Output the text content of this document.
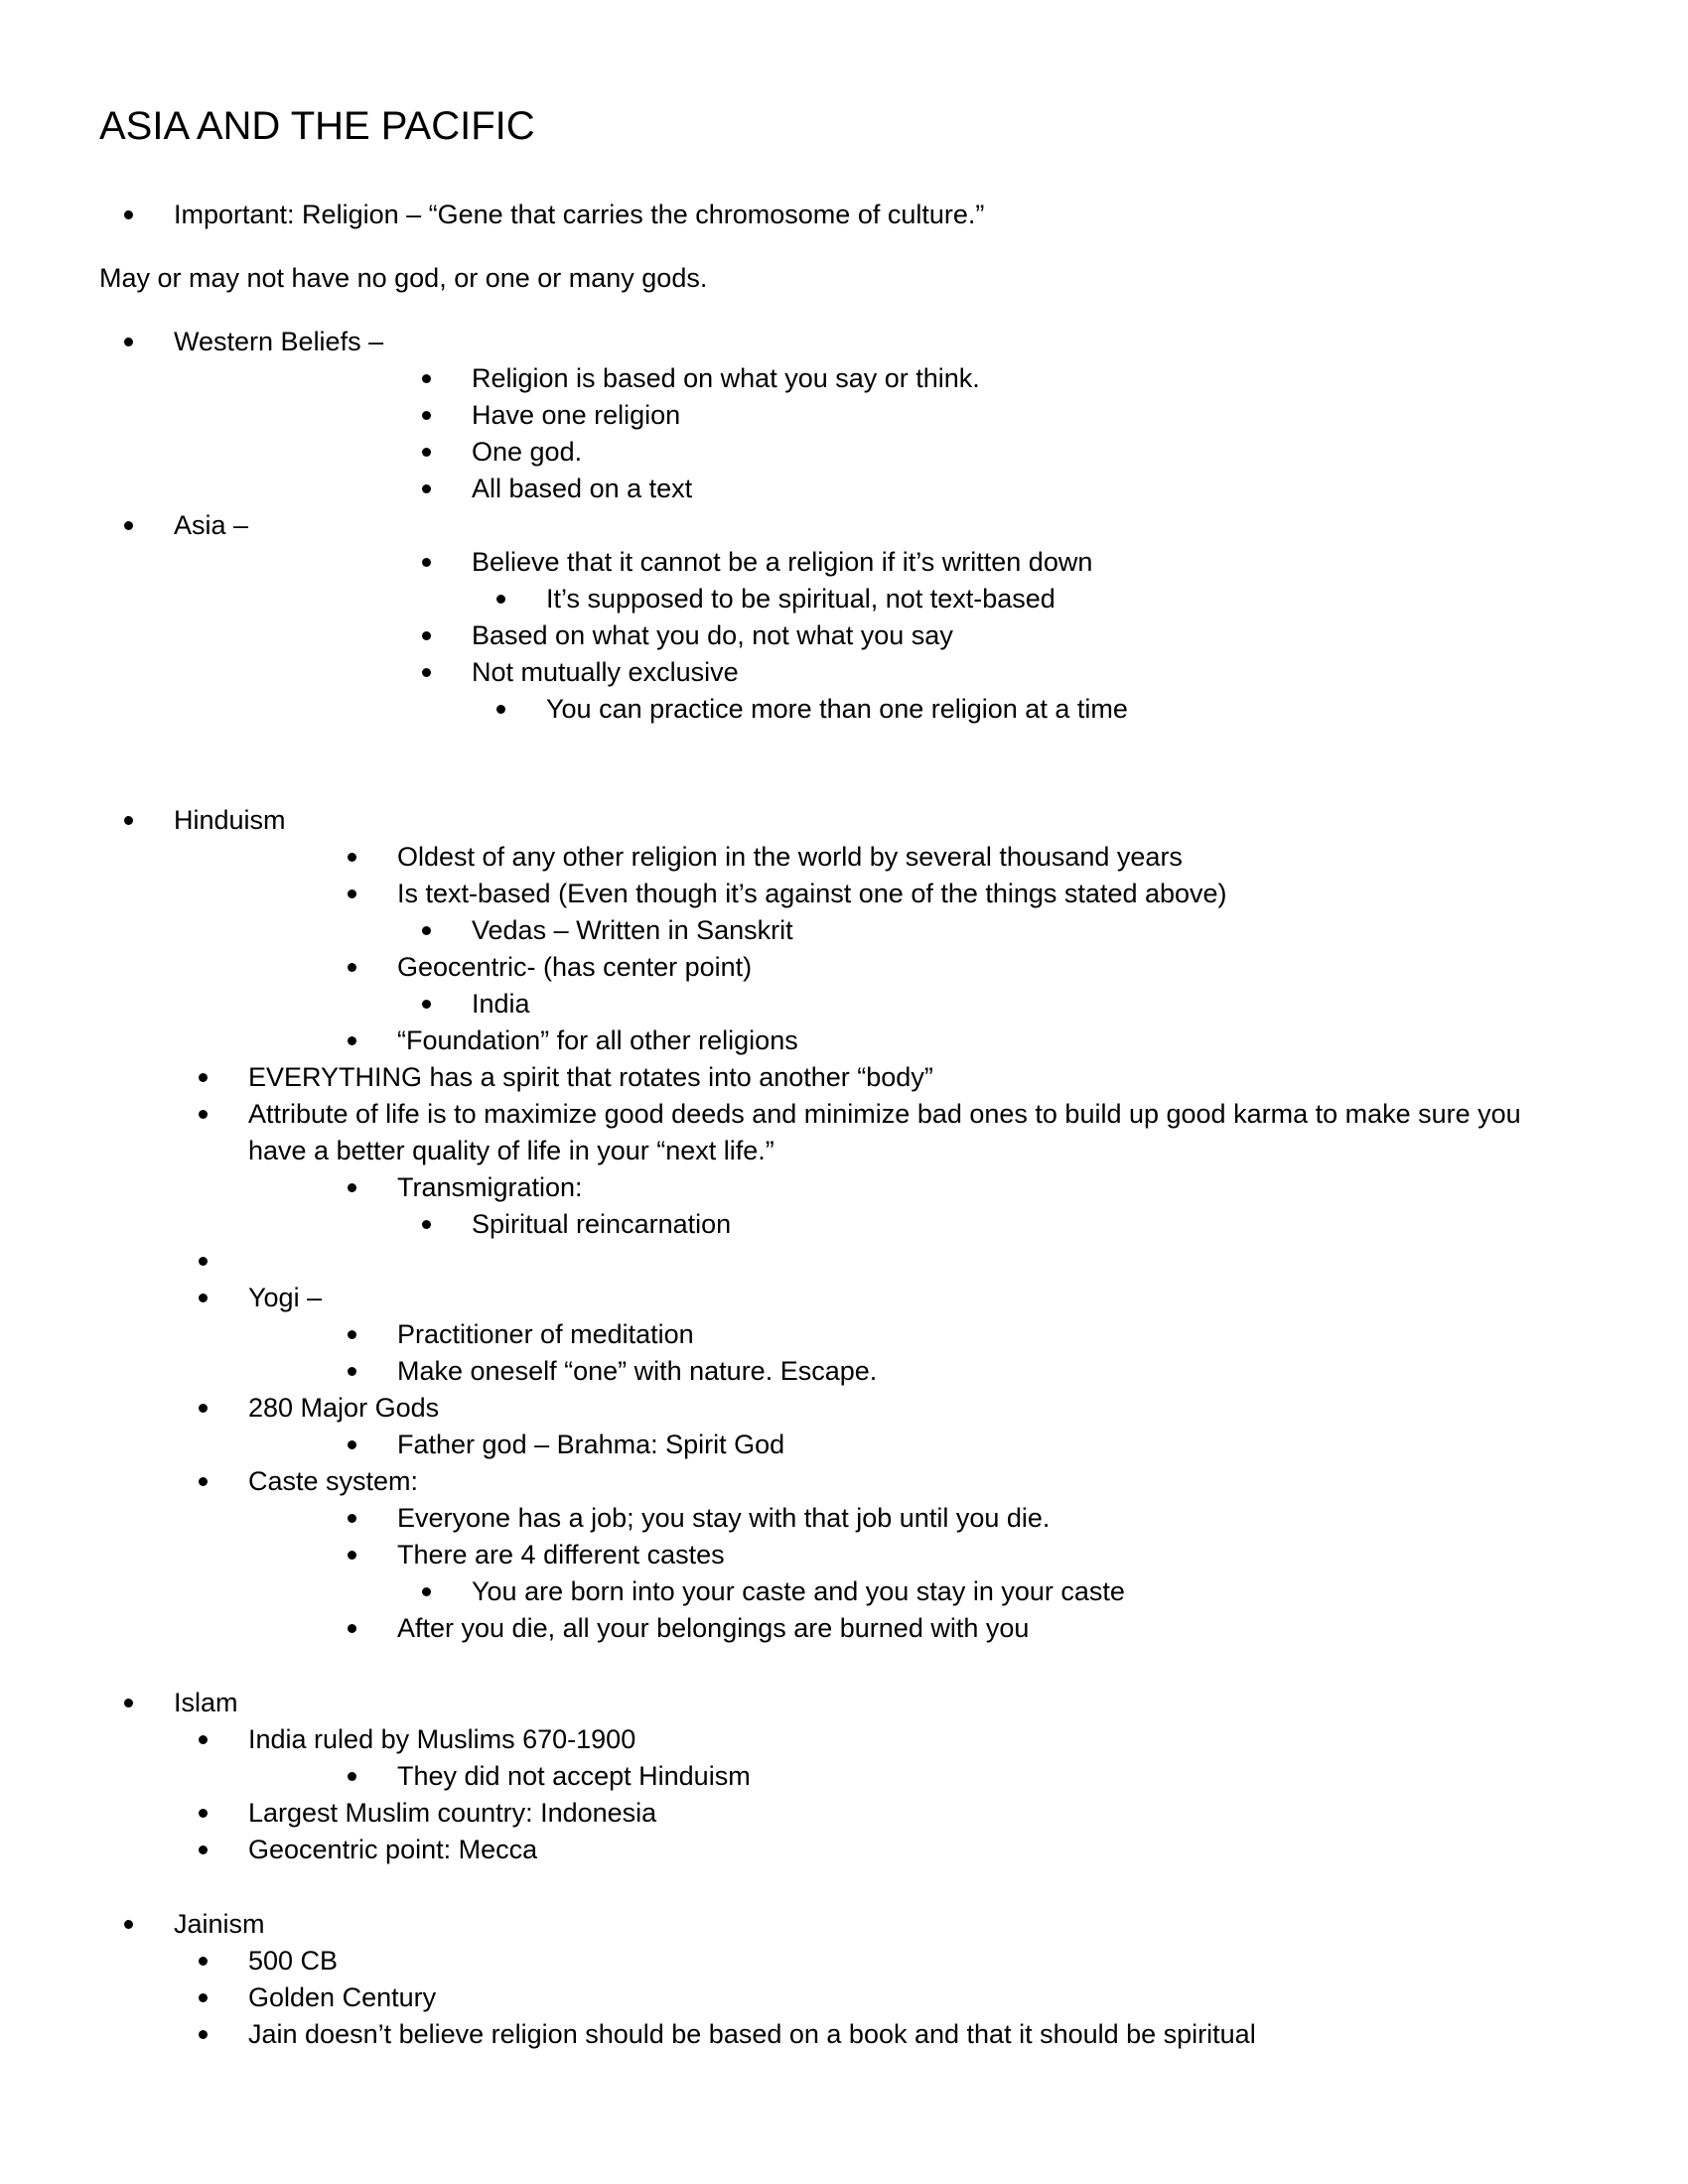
ASIA AND THE PACIFIC
Important: Religion – “Gene that carries the chromosome of culture.”
May or may not have no god, or one or many gods.
Western Beliefs –
Religion is based on what you say or think.
Have one religion
One god.
All based on a text
Asia –
Believe that it cannot be a religion if it’s written down
It’s supposed to be spiritual, not text-based
Based on what you do, not what you say
Not mutually exclusive
You can practice more than one religion at a time
Hinduism
Oldest of any other religion in the world by several thousand years
Is text-based (Even though it’s against one of the things stated above)
Vedas – Written in Sanskrit
Geocentric- (has center point)
India
“Foundation” for all other religions
EVERYTHING has a spirit that rotates into another “body”
Attribute of life is to maximize good deeds and minimize bad ones to build up good karma to make sure you
have a better quality of life in your “next life.”
Transmigration:
Spiritual reincarnation
Yogi –
Practitioner of meditation
Make oneself “one” with nature. Escape.
280 Major Gods
Father god – Brahma: Spirit God
Caste system:
Everyone has a job; you stay with that job until you die.
There are 4 different castes
You are born into your caste and you stay in your caste
After you die, all your belongings are burned with you
Islam
India ruled by Muslims 670-1900
They did not accept Hinduism
Largest Muslim country: Indonesia
Geocentric point: Mecca
Jainism
500 CB
Golden Century
Jain doesn’t believe religion should be based on a book and that it should be spiritual
